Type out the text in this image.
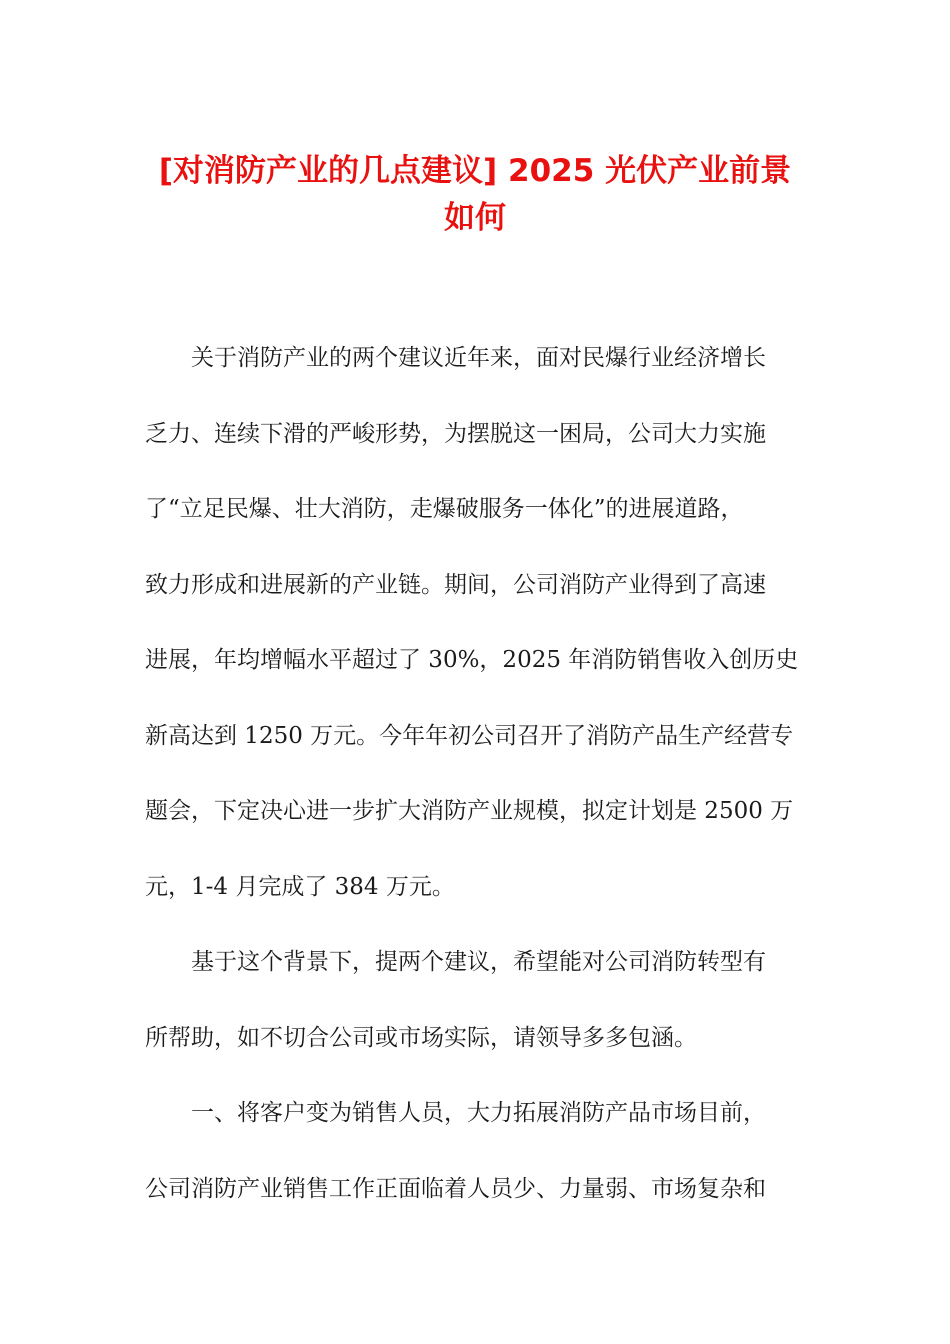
[对消防产业的几点建议] 2025 光伏产业前景
如何

关于消防产业的两个建议近年来，面对民爆行业经济增长
乏力、连续下滑的严峻形势，为摆脱这一困局，公司大力实施
了“立足民爆、壮大消防，走爆破服务一体化”的进展道路，
致力形成和进展新的产业链。期间，公司消防产业得到了高速
进展，年均增幅水平超过了 30%，2025 年消防销售收入创历史
新高达到 1250 万元。今年年初公司召开了消防产品生产经营专
题会，下定决心进一步扩大消防产业规模，拟定计划是 2500 万
元，1-4 月完成了 384 万元。

基于这个背景下，提两个建议，希望能对公司消防转型有
所帮助，如不切合公司或市场实际，请领导多多包涵。

一、将客户变为销售人员，大力拓展消防产品市场目前，
公司消防产业销售工作正面临着人员少、力量弱、市场复杂和
